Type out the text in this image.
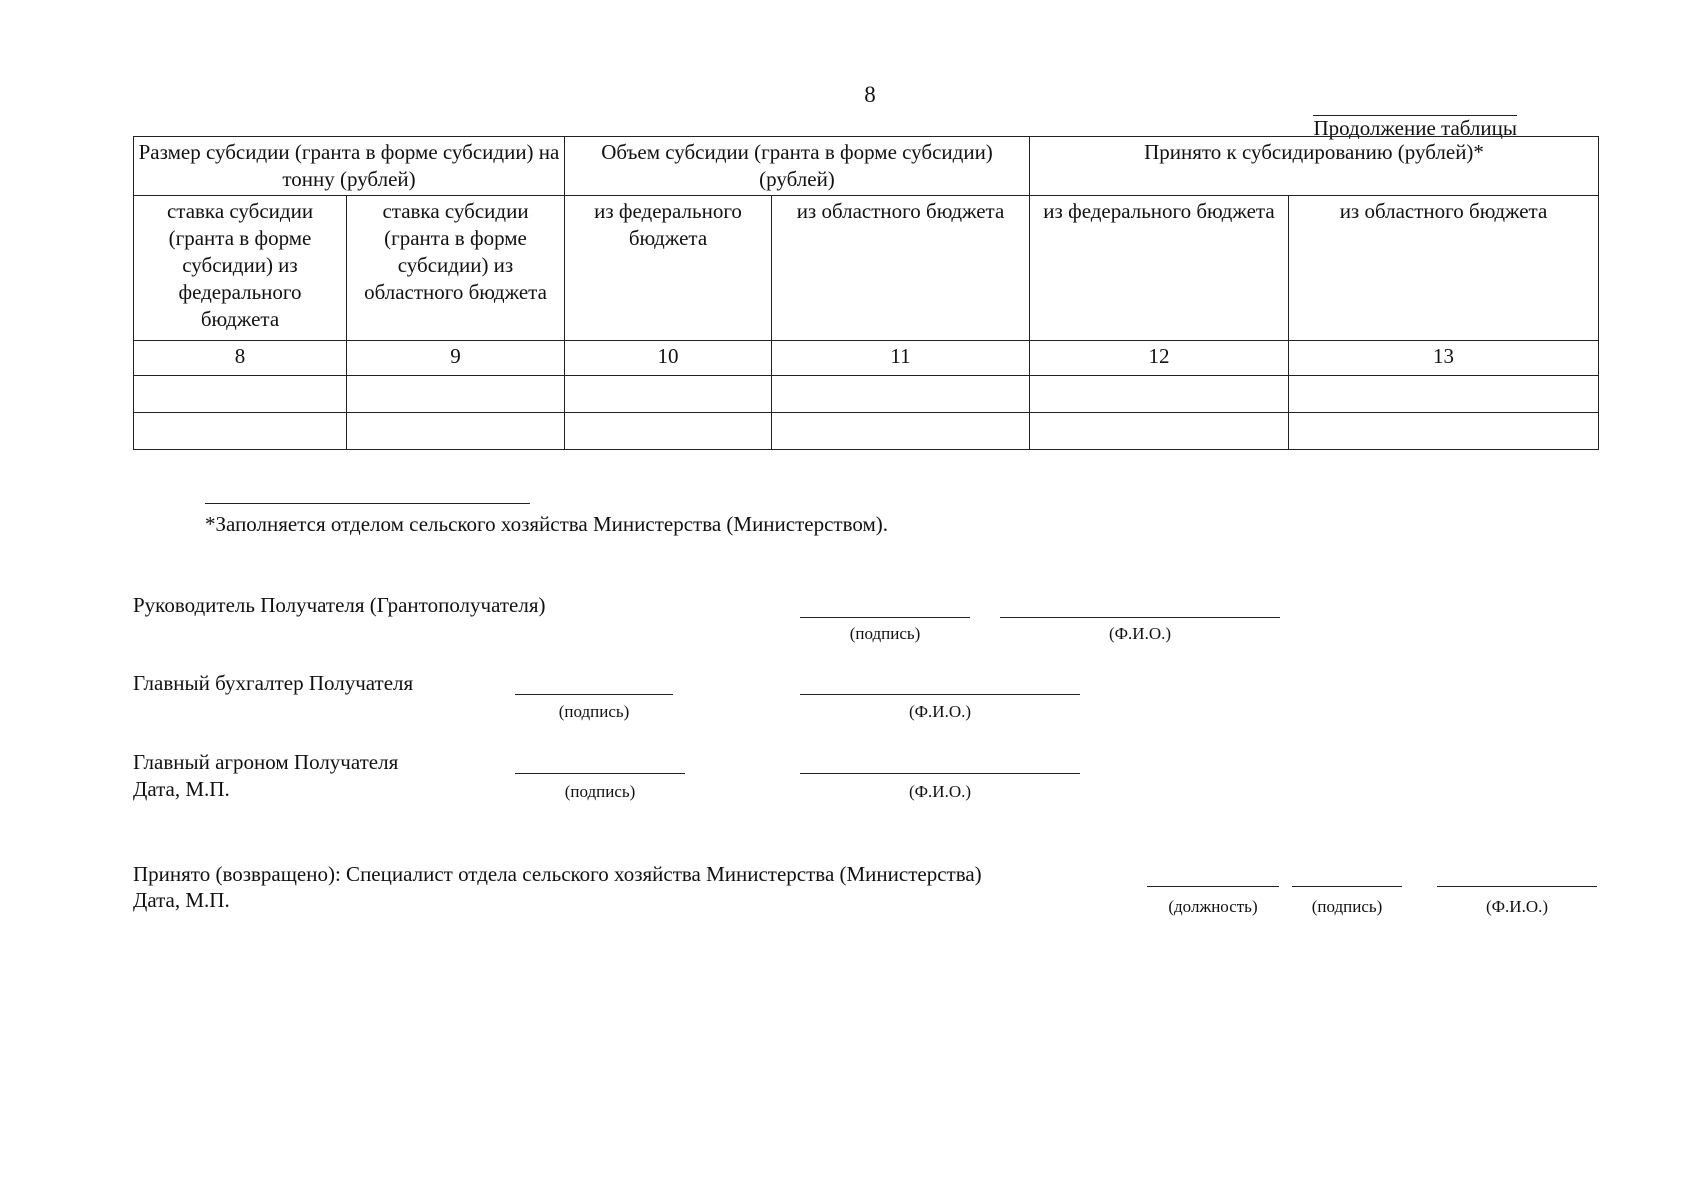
8
Продолжение таблицы
Размер субсидии (гранта в форме субсидии) на тонну (рублей)		Объем субсидии (гранта в форме субсидии) (рублей)		Принято к субсидированию (рублей)*	
ставка субсидии (гранта в форме субсидии) из федерального бюджета	ставка субсидии (гранта в форме субсидии) из областного бюджета	из федерального бюджета	из областного бюджета	из федерального бюджета	из областного бюджета
8	9	10	11	12	13

*Заполняется отделом сельского хозяйства Министерства (Министерством).
Руководитель Получателя (Грантополучателя)
(подпись)	(Ф.И.О.)
Главный бухгалтер Получателя
(подпись)	(Ф.И.О.)
Главный агроном Получателя
Дата, М.П.	(подпись)	(Ф.И.О.)
Принято (возвращено): Специалист отдела сельского хозяйства Министерства (Министерства)
Дата, М.П.	(должность)	(подпись)	(Ф.И.О.)
